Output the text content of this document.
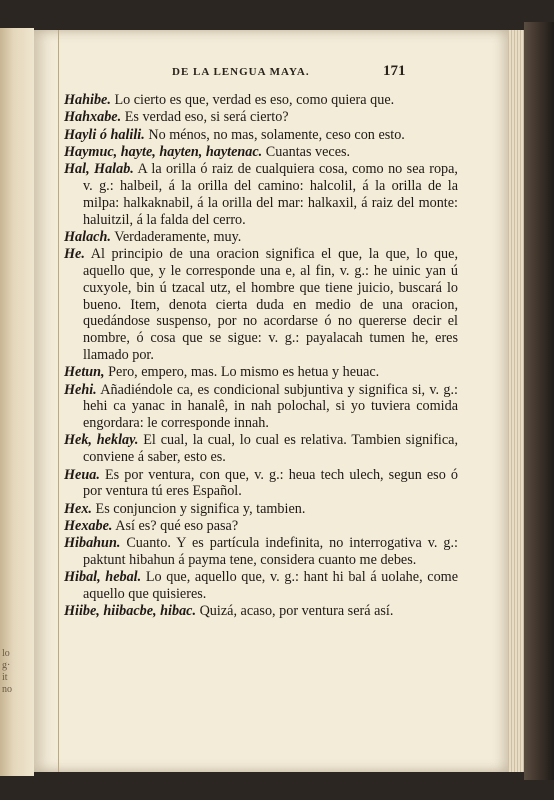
lo
g·
it
no
DE LA LENGUA MAYA.	171

Hahibe. Lo cierto es que, verdad es eso, como quiera que.

Hahxabe. Es verdad eso, si será cierto?

Hayli ó halili. No ménos, no mas, solamente, ceso con esto.

Haymuc, hayte, hayten, haytenac. Cuantas veces.

Hal, Halab. A la orilla ó raiz de cualquiera cosa, como no sea ropa, v. g.: halbeil, á la orilla del camino: halcolil, á la orilla de la milpa: halkaknabil, á la orilla del mar: halkaxil, á raiz del monte: haluitzil, á la falda del cerro.

Halach. Verdaderamente, muy.

He. Al principio de una oracion significa el que, la que, lo que, aquello que, y le corresponde una e, al fin, v. g.: he uinic yan ú cuxyole, bin ú tzacal utz, el hombre que tiene juicio, buscará lo bueno. Item, denota cierta duda en medio de una oracion, quedándose suspenso, por no acordarse ó no quererse decir el nombre, ó cosa que se sigue: v. g.: payalacah tumen he, eres llamado por.

Hetun, Pero, empero, mas. Lo mismo es hetua y heuac.

Hehi. Añadiéndole ca, es condicional subjuntiva y significa si, v. g.: hehi ca yanac in hanalê, in nah polochal, si yo tuviera comida engordara: le corresponde innah.

Hek, heklay. El cual, la cual, lo cual es relativa. Tambien significa, conviene á saber, esto es.

Heua. Es por ventura, con que, v. g.: heua tech ulech, segun eso ó por ventura tú eres Español.

Hex. Es conjuncion y significa y, tambien.

Hexabe. Así es? qué eso pasa?

Hibahun. Cuanto. Y es partícula indefinita, no interrogativa v. g.: paktunt hibahun á payma tene, considera cuanto me debes.

Hibal, hebal. Lo que, aquello que, v. g.: hant hi bal á uolahe, come aquello que quisieres.

Hiibe, hiibacbe, hibac. Quizá, acaso, por ventura será así.
